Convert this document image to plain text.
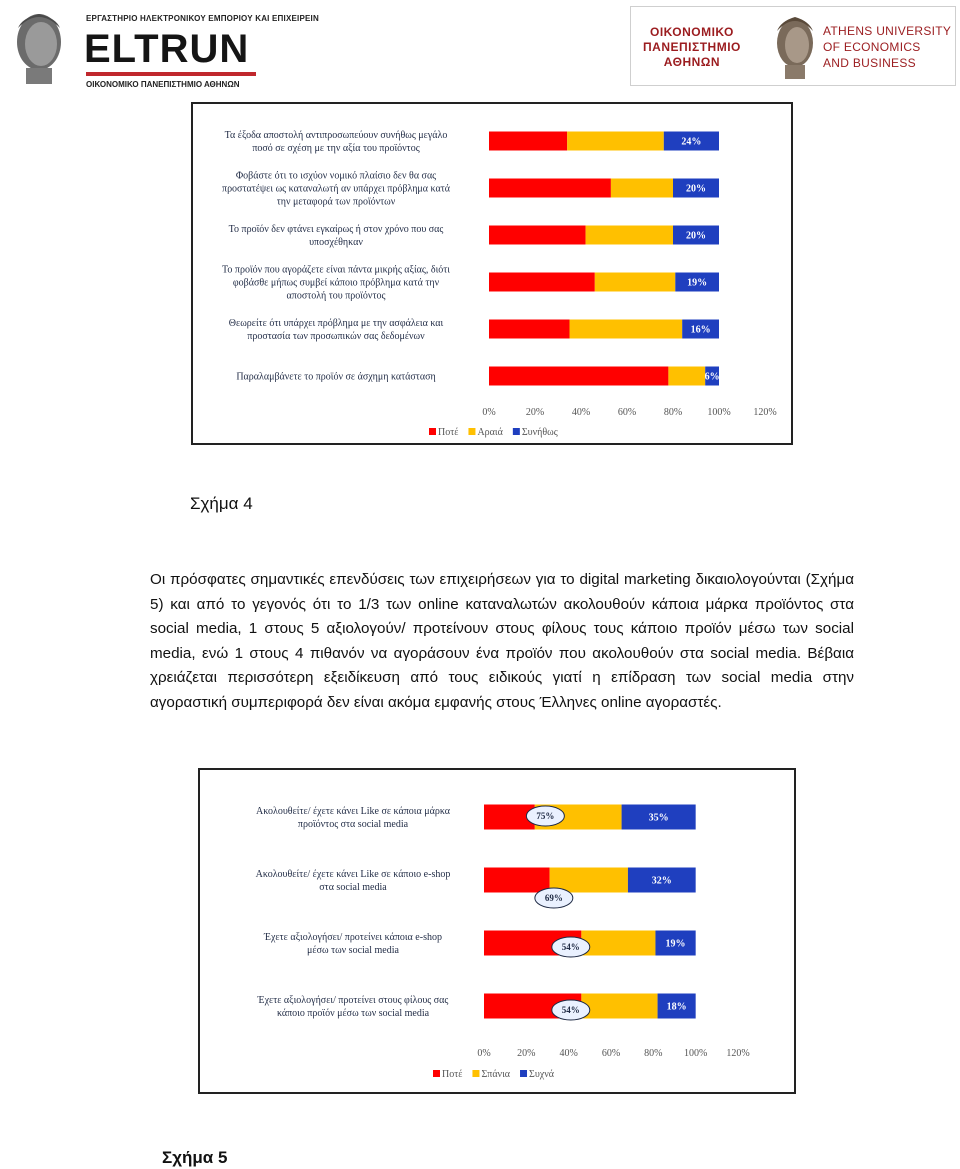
ΕΡΓΑΣΤΗΡΙΟ ΗΛΕΚΤΡΟΝΙΚΟΥ ΕΜΠΟΡΙΟΥ ΚΑΙ ΕΠΙΧΕΙΡΕΙΝ
ELTRUN
ΟΙΚΟΝΟΜΙΚΟ ΠΑΝΕΠΙΣΤΗΜΙΟ ΑΘΗΝΩΝ
ΟΙΚΟΝΟΜΙΚΟ
ΠΑΝΕΠΙΣΤΗΜΙΟ
ΑΘΗΝΩΝ
ATHENS UNIVERSITY
OF ECONOMICS
AND BUSINESS
Τα έξοδα αποστολή αντιπροσωπεύουν συνήθως μεγάλο
ποσό σε σχέση με την αξία του προϊόντος
24%
Φοβάστε ότι το ισχύον νομικό πλαίσιο δεν θα σας
προστατέψει ως καταναλωτή αν υπάρχει πρόβλημα κατά
την μεταφορά των προϊόντων
20%
Το προϊόν δεν φτάνει εγκαίρως ή στον χρόνο που σας
υποσχέθηκαν
20%
Το προϊόν που αγοράζετε είναι πάντα μικρής αξίας, διότι
φοβάσθε μήπως συμβεί κάποιο πρόβλημα κατά την
αποστολή του προϊόντος
19%
Θεωρείτε ότι υπάρχει πρόβλημα με την ασφάλεια και
προστασία των προσωπικών σας δεδομένων
16%
Παραλαμβάνετε το προϊόν σε άσχημη κατάσταση	6%
0%	20%	40%	60%	80%	100% 120%
Ποτέ Αραιά Συνήθως
Σχήμα 4
Οι πρόσφατες σημαντικές επενδύσεις των επιχειρήσεων για το digital marketing δικαιολογούνται (Σχήμα 5) και από το γεγονός ότι το 1/3 των online καταναλωτών ακολουθούν κάποια μάρκα προϊόντος στα social media, 1 στους 5 αξιολογούν/ προτείνουν στους φίλους τους κάποιο προϊόν μέσω των social media, ενώ 1 στους 4 πιθανόν να αγοράσουν ένα προϊόν που ακολουθούν στα social media. Βέβαια χρειάζεται περισσότερη εξειδίκευση από τους ειδικούς γιατί η επίδραση των social media στην αγοραστική συμπεριφορά δεν είναι ακόμα εμφανής στους Έλληνες online αγοραστές.
Ακολουθείτε/ έχετε κάνει Like σε κάποια μάρκα
προϊόντος στα social media
35%
75%
Ακολουθείτε/ έχετε κάνει Like σε κάποιο e-shop
στα social media
32%
69%
Έχετε αξιολογήσει/ προτείνει κάποια e-shop
μέσω των social media
19%
54%
Έχετε αξιολογήσει/ προτείνει στους φίλους σας
κάποιο προϊόν μέσω των social media
18%
54%
0%	20% 40% 60% 80% 100% 120%
Ποτέ Σπάνια Συχνά
Σχήμα 5
